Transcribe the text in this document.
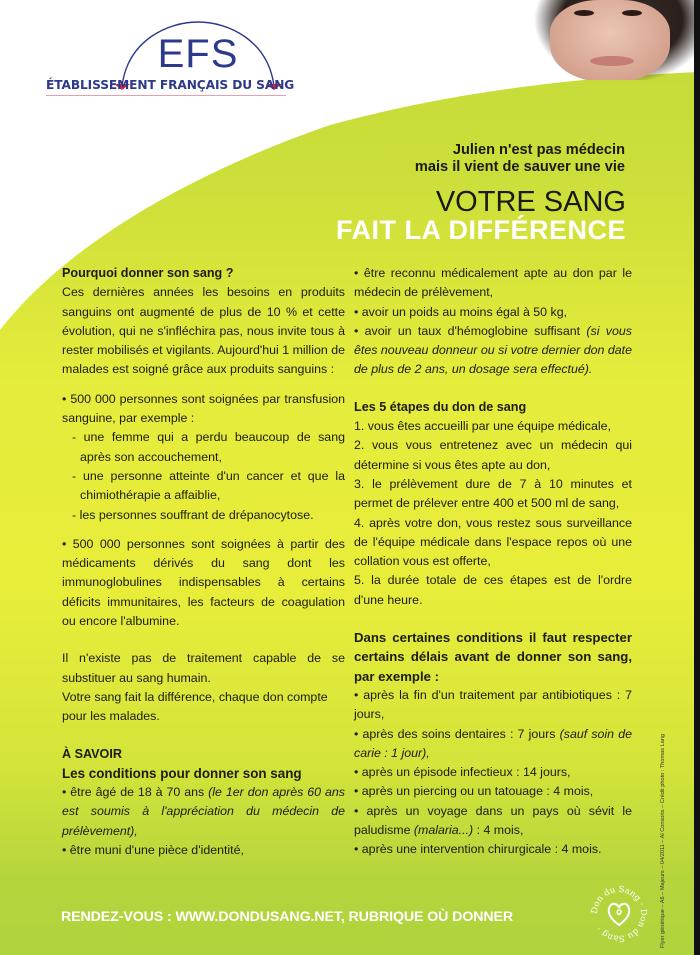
EFS
ÉTABLISSEMENT FRANÇAIS DU SANG
Julien n'est pas médecin
mais il vient de sauver une vie
VOTRE SANG
FAIT LA DIFFÉRENCE

Pourquoi donner son sang ?

Ces dernières années les besoins en produits sanguins ont augmenté de plus de 10 % et cette évolution, qui ne s'infléchira pas, nous invite tous à rester mobilisés et vigilants. Aujourd'hui 1 million de malades est soigné grâce aux produits sanguins :

• 500 000 personnes sont soignées par transfusion sanguine, par exemple :

- une femme qui a perdu beaucoup de sang après son accouchement,

- une personne atteinte d'un cancer et que la chimiothérapie a affaiblie,

- les personnes souffrant de drépanocytose.

• 500 000 personnes sont soignées à partir des médicaments dérivés du sang dont les immunoglobulines indispensables à certains déficits immunitaires, les facteurs de coagulation ou encore l'albumine.

Il n'existe pas de traitement capable de se substituer au sang humain.

Votre sang fait la différence, chaque don compte pour les malades.

À SAVOIR

Les conditions pour donner son sang

• être âgé de 18 à 70 ans (le 1er don après 60 ans est soumis à l'appréciation du médecin de prélèvement),

• être muni d'une pièce d'identité,

• être reconnu médicalement apte au don par le médecin de prélèvement,

• avoir un poids au moins égal à 50 kg,

• avoir un taux d'hémoglobine suffisant (si vous êtes nouveau donneur ou si votre dernier don date de plus de 2 ans, un dosage sera effectué).

Les 5 étapes du don de sang

1. vous êtes accueilli par une équipe médicale,

2. vous vous entretenez avec un médecin qui détermine si vous êtes apte au don,

3. le prélèvement dure de 7 à 10 minutes et permet de prélever entre 400 et 500 ml de sang,

4. après votre don, vous restez sous surveillance de l'équipe médicale dans l'espace repos où une collation vous est offerte,

5. la durée totale de ces étapes est de l'ordre d'une heure.

Dans certaines conditions il faut respecter certains délais avant de donner son sang, par exemple :

• après la fin d'un traitement par antibiotiques : 7 jours,

• après des soins dentaires : 7 jours (sauf soin de carie : 1 jour),

• après un épisode infectieux : 14 jours,

• après un piercing ou un tatouage : 4 mois,

• après un voyage dans un pays où sévit le paludisme (malaria...) : 4 mois,

• après une intervention chirurgicale : 4 mois.

RENDEZ-VOUS : WWW.DONDUSANG.NET, RUBRIQUE OÙ DONNER	Don du Sang · Don du Sang ·	Flyer générique – A6 – Majeurs – 04/2011 – Al Consorts – Crédit photo : Thomas Lang
